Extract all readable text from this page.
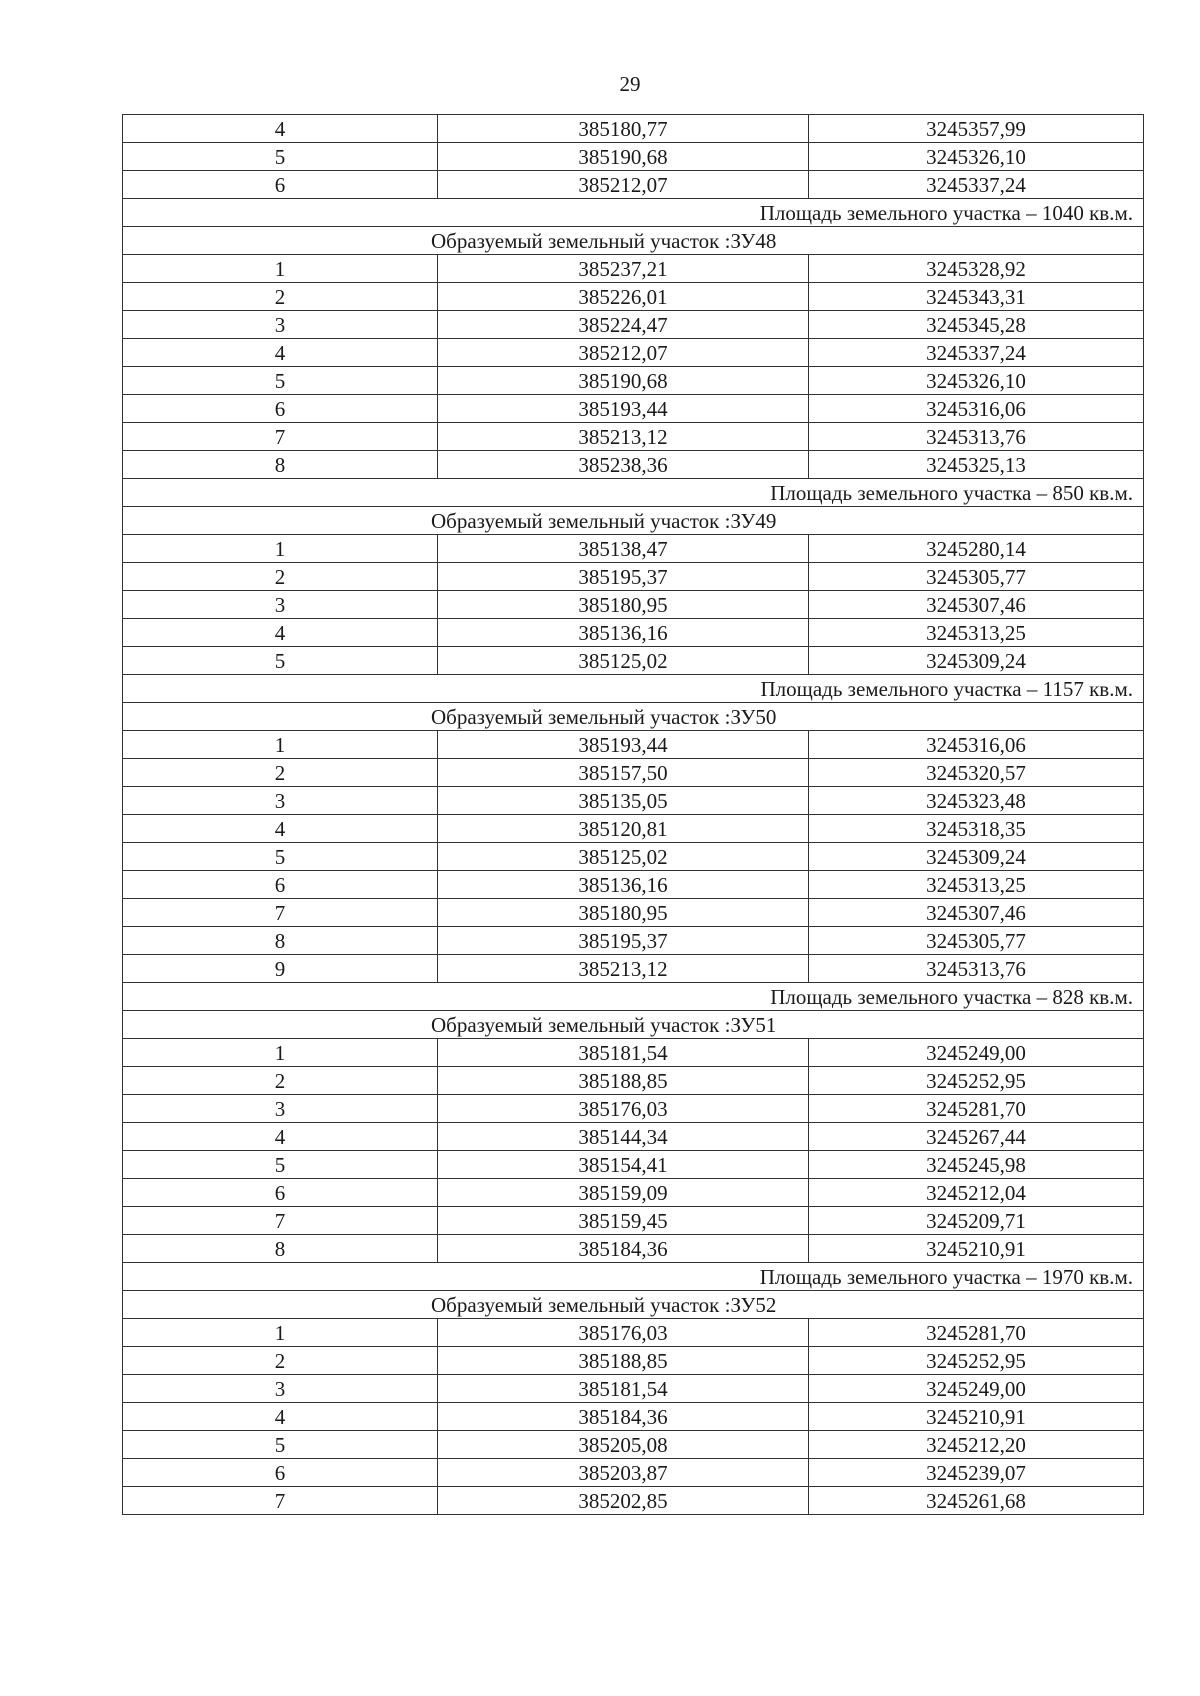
29
4	385180,77	3245357,99
5	385190,68	3245326,10
6	385212,07	3245337,24
Площадь земельного участка – 1040 кв.м.		
Образуемый земельный участок :ЗУ48		
1	385237,21	3245328,92
2	385226,01	3245343,31
3	385224,47	3245345,28
4	385212,07	3245337,24
5	385190,68	3245326,10
6	385193,44	3245316,06
7	385213,12	3245313,76
8	385238,36	3245325,13
Площадь земельного участка – 850 кв.м.		
Образуемый земельный участок :ЗУ49		
1	385138,47	3245280,14
2	385195,37	3245305,77
3	385180,95	3245307,46
4	385136,16	3245313,25
5	385125,02	3245309,24
Площадь земельного участка – 1157 кв.м.		
Образуемый земельный участок :ЗУ50		
1	385193,44	3245316,06
2	385157,50	3245320,57
3	385135,05	3245323,48
4	385120,81	3245318,35
5	385125,02	3245309,24
6	385136,16	3245313,25
7	385180,95	3245307,46
8	385195,37	3245305,77
9	385213,12	3245313,76
Площадь земельного участка – 828 кв.м.		
Образуемый земельный участок :ЗУ51		
1	385181,54	3245249,00
2	385188,85	3245252,95
3	385176,03	3245281,70
4	385144,34	3245267,44
5	385154,41	3245245,98
6	385159,09	3245212,04
7	385159,45	3245209,71
8	385184,36	3245210,91
Площадь земельного участка – 1970 кв.м.		
Образуемый земельный участок :ЗУ52		
1	385176,03	3245281,70
2	385188,85	3245252,95
3	385181,54	3245249,00
4	385184,36	3245210,91
5	385205,08	3245212,20
6	385203,87	3245239,07
7	385202,85	3245261,68
